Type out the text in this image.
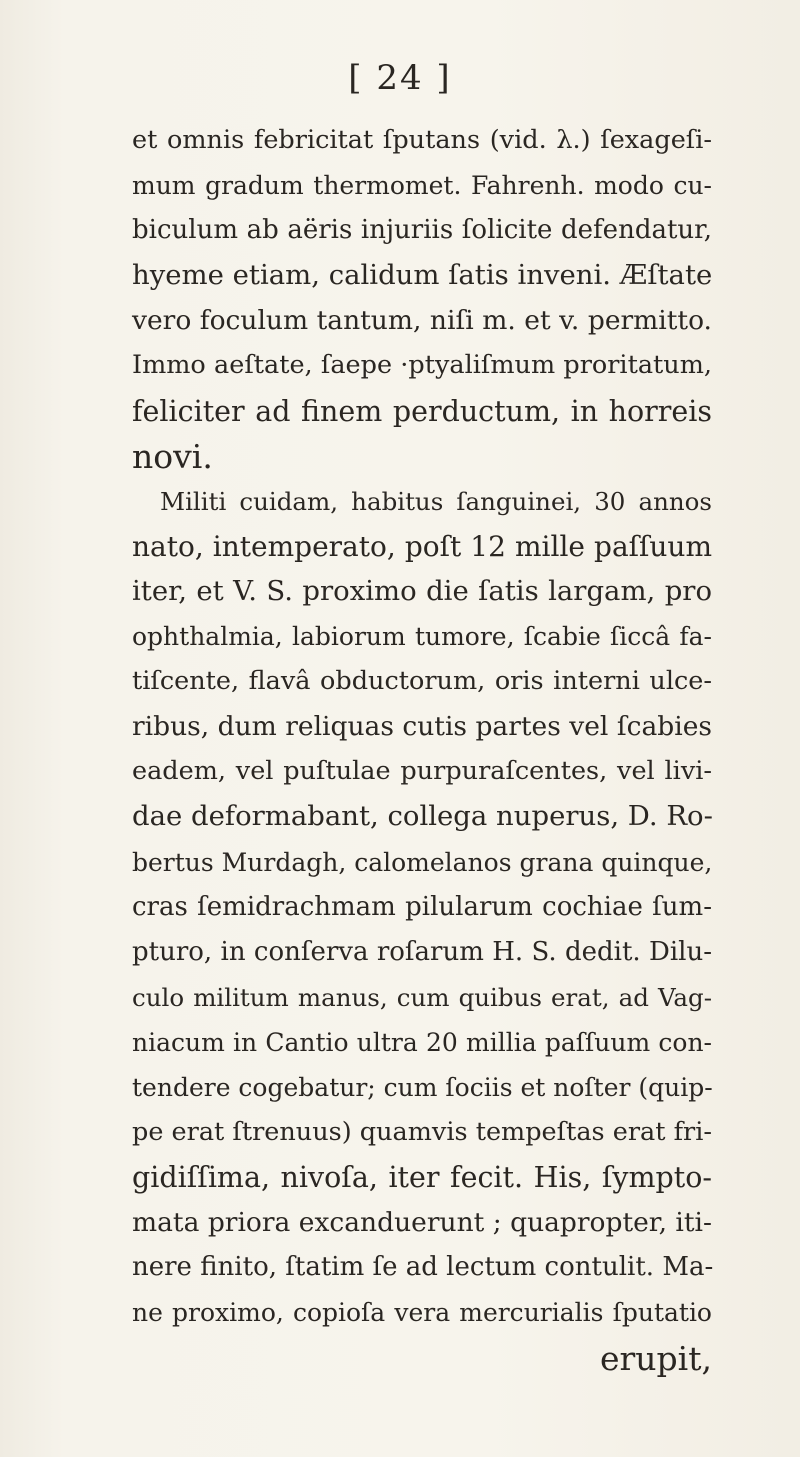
[ 24 ]
et omnis febricitat ſputans (vid. λ.) ſexageſi-
mum gradum thermomet. Fahrenh. modo cu-
biculum ab aëris injuriis ſolicite defendatur,
hyeme etiam, calidum ſatis inveni. Æſtate
vero foculum tantum, niſi m. et v. permitto.
Immo aeſtate, ſaepe ·ptyaliſmum proritatum,
feliciter ad finem perductum, in horreis
novi.
Militi cuidam, habitus ſanguinei, 30 annos
nato, intemperato, poſt 12 mille paſſuum
iter, et V. S. proximo die ſatis largam, pro
ophthalmia, labiorum tumore, ſcabie ſiccâ fa-
tiſcente, flavâ obductorum, oris interni ulce-
ribus, dum reliquas cutis partes vel ſcabies
eadem, vel puſtulae purpuraſcentes, vel livi-
dae deformabant, collega nuperus, D. Ro-
bertus Murdagh, calomelanos grana quinque,
cras ſemidrachmam pilularum cochiae ſum-
pturo, in conſerva roſarum H. S. dedit. Dilu-
culo militum manus, cum quibus erat, ad Vag-
niacum in Cantio ultra 20 millia paſſuum con-
tendere cogebatur; cum ſociis et noſter (quip-
pe erat ſtrenuus) quamvis tempeſtas erat fri-
gidiſſima, nivoſa, iter fecit. His, ſympto-
mata priora excanduerunt ; quapropter, iti-
nere finito, ſtatim ſe ad lectum contulit. Ma-
ne proximo, copioſa vera mercurialis ſputatio
erupit,
